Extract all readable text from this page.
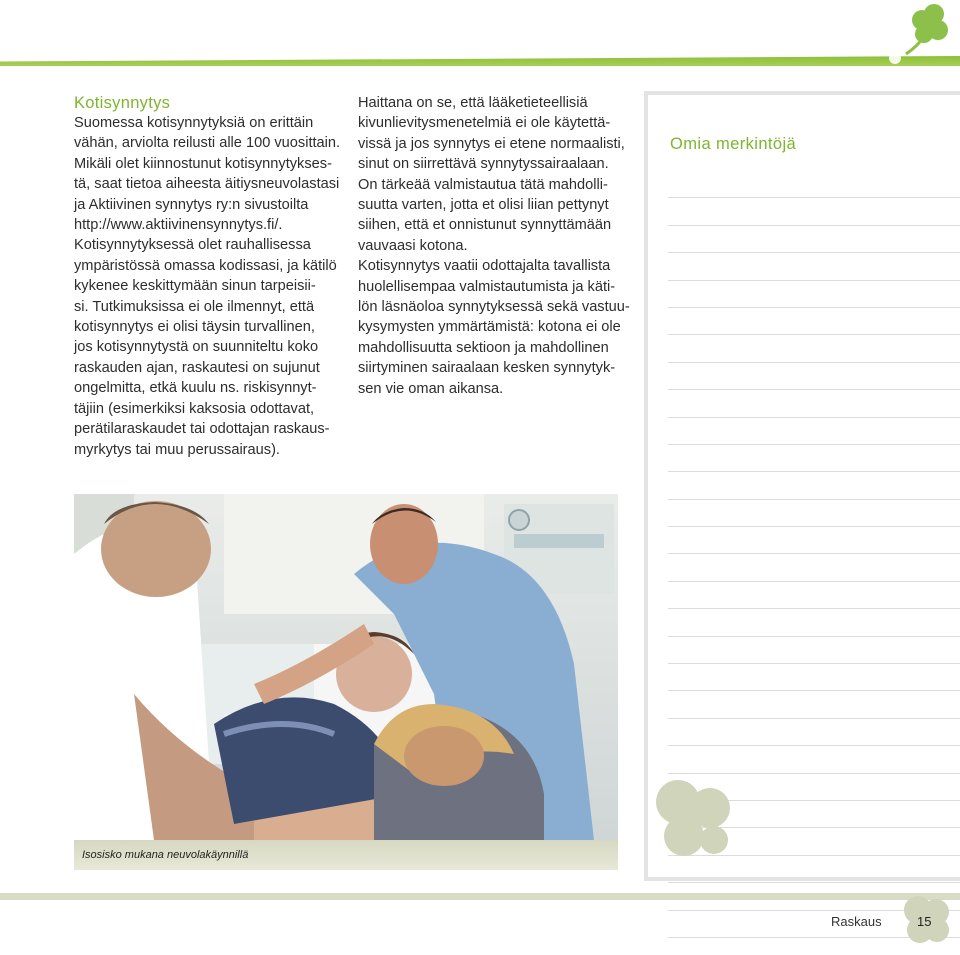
Kotisynnytys

Suomessa kotisynnytyksiä on erittäin
vähän, arviolta reilusti alle 100 vuosittain.
Mikäli olet kiinnostunut kotisynnytykses-
tä, saat tietoa aiheesta äitiysneuvolastasi
ja Aktiivinen synnytys ry:n sivustoilta
http://www.aktiivinensynnytys.fi/.
Kotisynnytyksessä olet rauhallisessa
ympäristössä omassa kodissasi, ja kätilö
kykenee keskittymään sinun tarpeisii-
si. Tutkimuksissa ei ole ilmennyt, että
kotisynnytys ei olisi täysin turvallinen,
jos kotisynnytystä on suunniteltu koko
raskauden ajan, raskautesi on sujunut
ongelmitta, etkä kuulu ns. riskisynnyt-
täjiin (esimerkiksi kaksosia odottavat,
perätilaraskaudet tai odottajan raskaus-
myrkytys tai muu perussairaus).

Haittana on se, että lääketieteellisiä
kivunlievitysmenetelmiä ei ole käytettä-
vissä ja jos synnytys ei etene normaalisti,
sinut on siirrettävä synnytyssairaalaan.
On tärkeää valmistautua tätä mahdolli-
suutta varten, jotta et olisi liian pettynyt
siihen, että et onnistunut synnyttämään
vauvaasi kotona.
Kotisynnytys vaatii odottajalta tavallista
huolellisempaa valmistautumista ja käti-
lön läsnäoloa synnytyksessä sekä vastuu-
kysymysten ymmärtämistä: kotona ei ole
mahdollisuutta sektioon ja mahdollinen
siirtyminen sairaalaan kesken synnytyk-
sen vie oman aikansa.

Omia merkintöjä
Isosisko mukana neuvolakäynnillä
Raskaus	15
